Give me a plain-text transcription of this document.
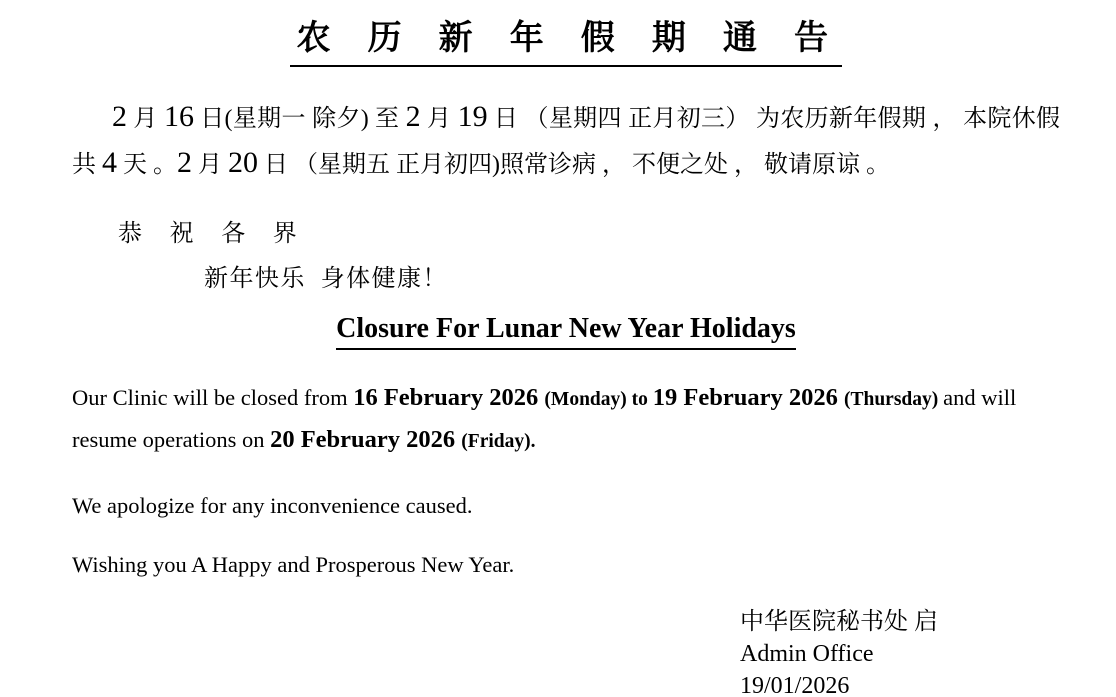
农 历 新 年 假 期 通 告

2 月 16 日(星期一 除夕) 至 2 月 19 日 （星期四 正月初三） 为农历新年假期 ， 本院休假共 4 天 。2 月 20 日 （星期五 正月初四)照常诊病 ， 不便之处 ， 敬请原谅 。

恭 祝 各 界
新年快乐  身体健康！
Closure For Lunar New Year Holidays

Our Clinic will be closed from 16 February 2026 (Monday) to 19 February 2026 (Thursday) and will resume operations on 20 February 2026 (Friday).

We apologize for any inconvenience caused.
Wishing you A Happy and Prosperous New Year.
中华医院秘书处 启
Admin Office
19/01/2026
